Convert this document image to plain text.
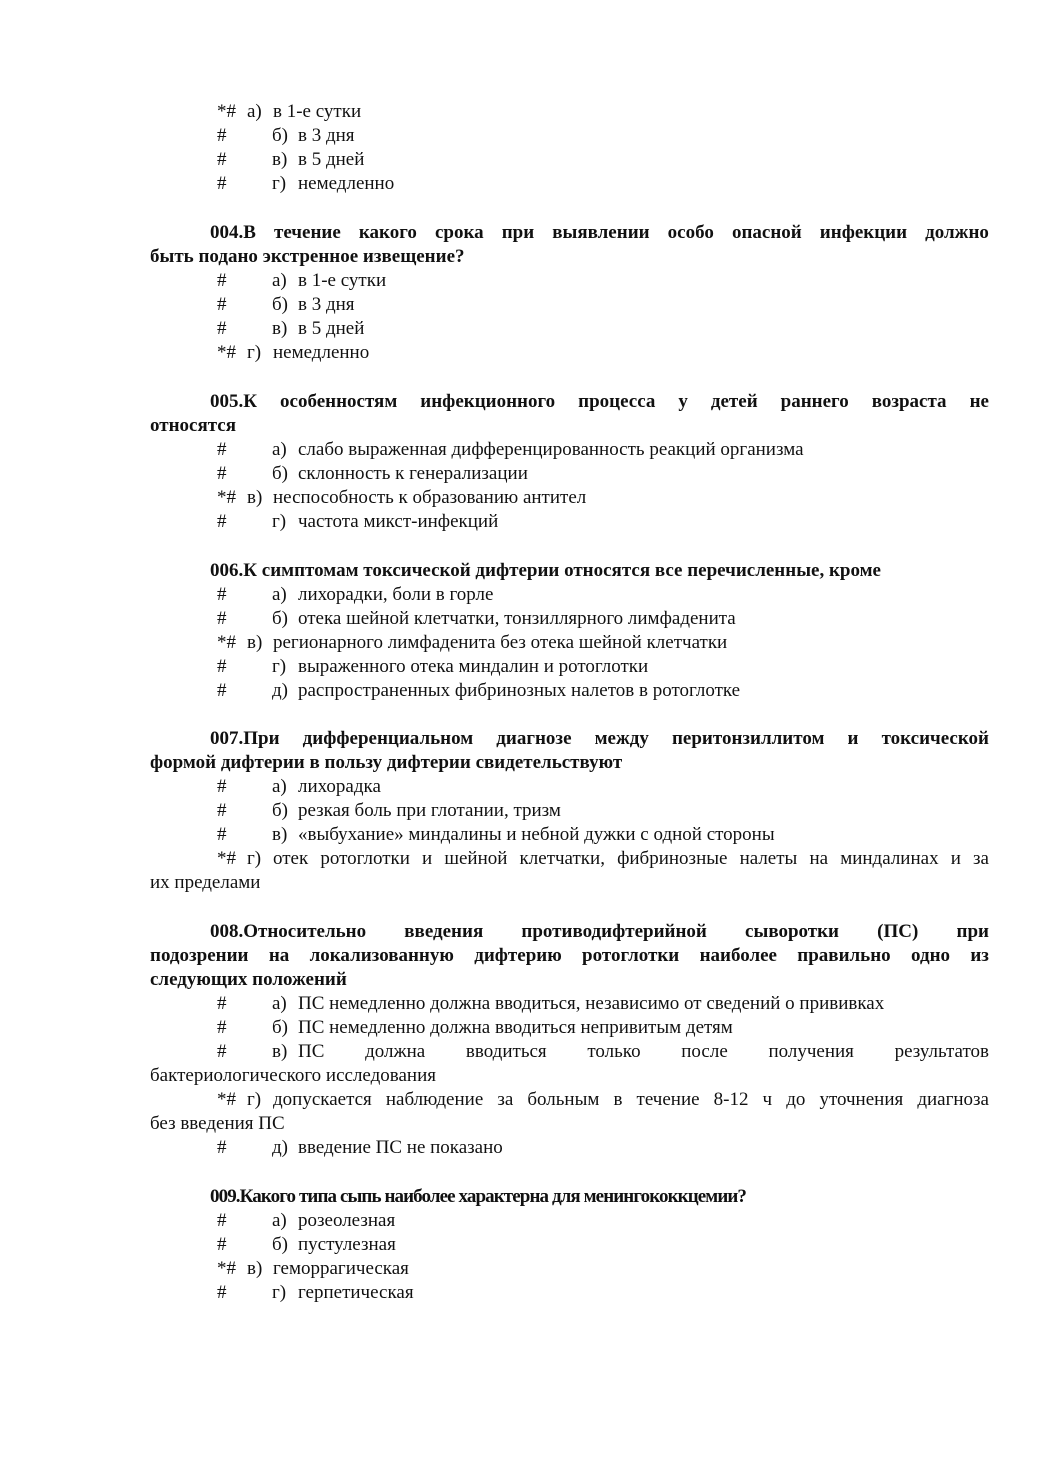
*# а) в 1-е сутки
# б) в 3 дня
# в) в 5 дней
# г) немедленно
004.В течение какого срока при выявлении особо опасной инфекции должно
быть подано экстренное извещение?
# а) в 1-е сутки
# б) в 3 дня
# в) в 5 дней
*# г) немедленно
005.К особенностям инфекционного процесса у детей раннего возраста не
относятся
# а) слабо выраженная дифференцированность реакций организма
# б) склонность к генерализации
*# в) неспособность к образованию антител
# г) частота микст-инфекций
006.К симптомам токсической дифтерии относятся все перечисленные, кроме
# а) лихорадки, боли в горле
# б) отека шейной клетчатки, тонзиллярного лимфаденита
*# в) регионарного лимфаденита без отека шейной клетчатки
# г) выраженного отека миндалин и ротоглотки
# д) распространенных фибринозных налетов в ротоглотке
007.При дифференциальном диагнозе между перитонзиллитом и токсической
формой дифтерии в пользу дифтерии свидетельствуют
# а) лихорадка
# б) резкая боль при глотании, тризм
# в) «выбухание» миндалины и небной дужки с одной стороны
*# г) отек ротоглотки и шейной клетчатки, фибринозные налеты на миндалинах и за
их пределами
008.Относительно введения противодифтерийной сыворотки (ПС) при
подозрении на локализованную дифтерию ротоглотки наиболее правильно одно из
следующих положений
# а) ПС немедленно должна вводиться, независимо от сведений о прививках
# б) ПС немедленно должна вводиться непривитым детям
# в) ПС должна вводиться только после получения результатов
бактериологического исследования
*# г) допускается наблюдение за больным в течение 8-12 ч до уточнения диагноза
без введения ПС
# д) введение ПС не показано
009.Какого типа сыпь наиболее характерна для менингококкцемии?
# а) розеолезная
# б) пустулезная
*# в) геморрагическая
# г) герпетическая
